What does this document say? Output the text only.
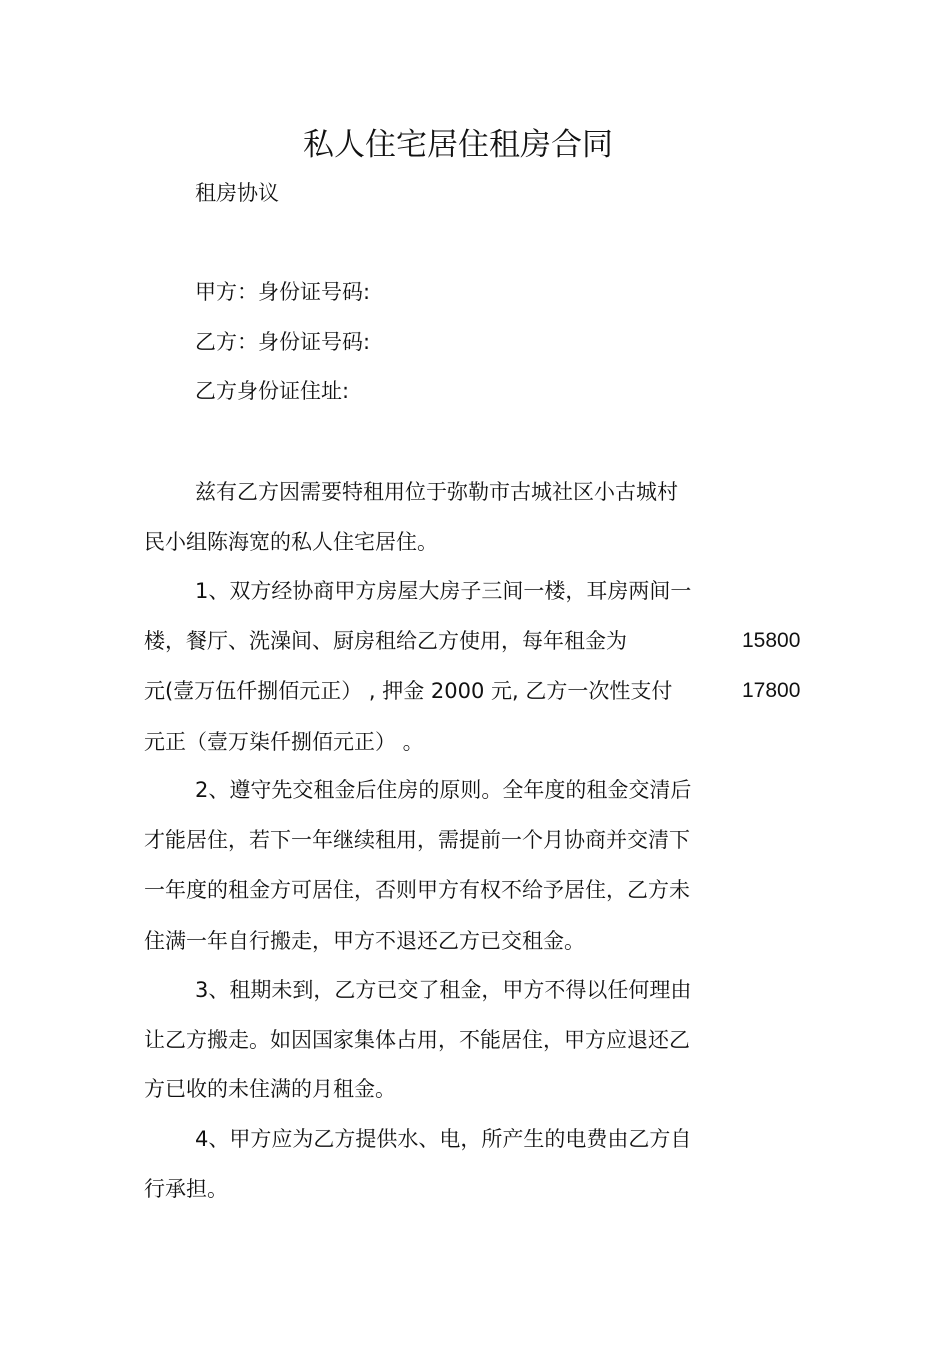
私人住宅居住租房合同
租房协议
甲方：身份证号码:
乙方：身份证号码:
乙方身份证住址:
兹有乙方因需要特租用位于弥勒市古城社区小古城村
民小组陈海宽的私人住宅居住。
1、双方经协商甲方房屋大房子三间一楼，耳房两间一
楼，餐厅、洗澡间、厨房租给乙方使用，每年租金为	15800
元(壹万伍仟捌佰元正） , 押金 2000 元, 乙方一次性支付	17800
元正（壹万柒仟捌佰元正） 。
2、遵守先交租金后住房的原则。全年度的租金交清后
才能居住，若下一年继续租用，需提前一个月协商并交清下
一年度的租金方可居住，否则甲方有权不给予居住，乙方未
住满一年自行搬走，甲方不退还乙方已交租金。
3、租期未到，乙方已交了租金，甲方不得以任何理由
让乙方搬走。如因国家集体占用，不能居住，甲方应退还乙
方已收的未住满的月租金。
4、甲方应为乙方提供水、电，所产生的电费由乙方自
行承担。
